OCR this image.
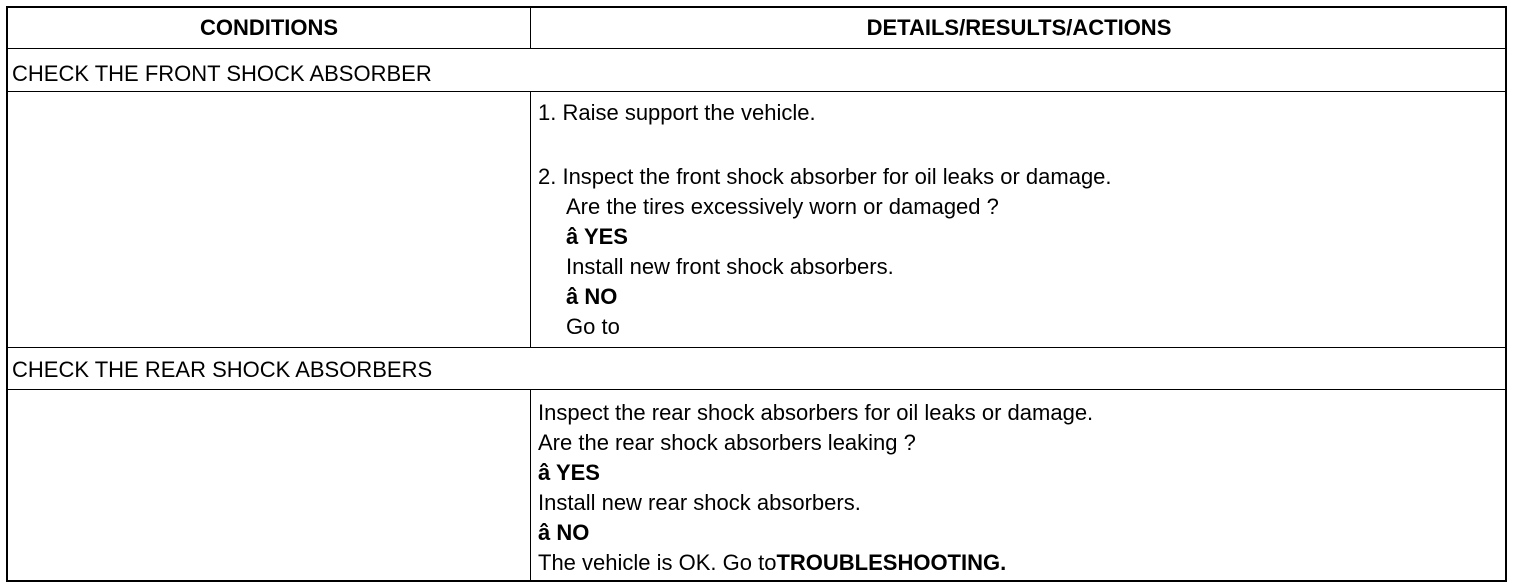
CONDITIONS	DETAILS/RESULTS/ACTIONS
CHECK THE FRONT SHOCK ABSORBER
1. Raise support the vehicle.
2. Inspect the front shock absorber for oil leaks or damage.
Are the tires excessively worn or damaged ?
â YES
Install new front shock absorbers.
â NO
Go to
CHECK THE REAR SHOCK ABSORBERS
Inspect the rear shock absorbers for oil leaks or damage.
Are the rear shock absorbers leaking ?
â YES
Install new rear shock absorbers.
â NO
The vehicle is OK. Go toTROUBLESHOOTING.
